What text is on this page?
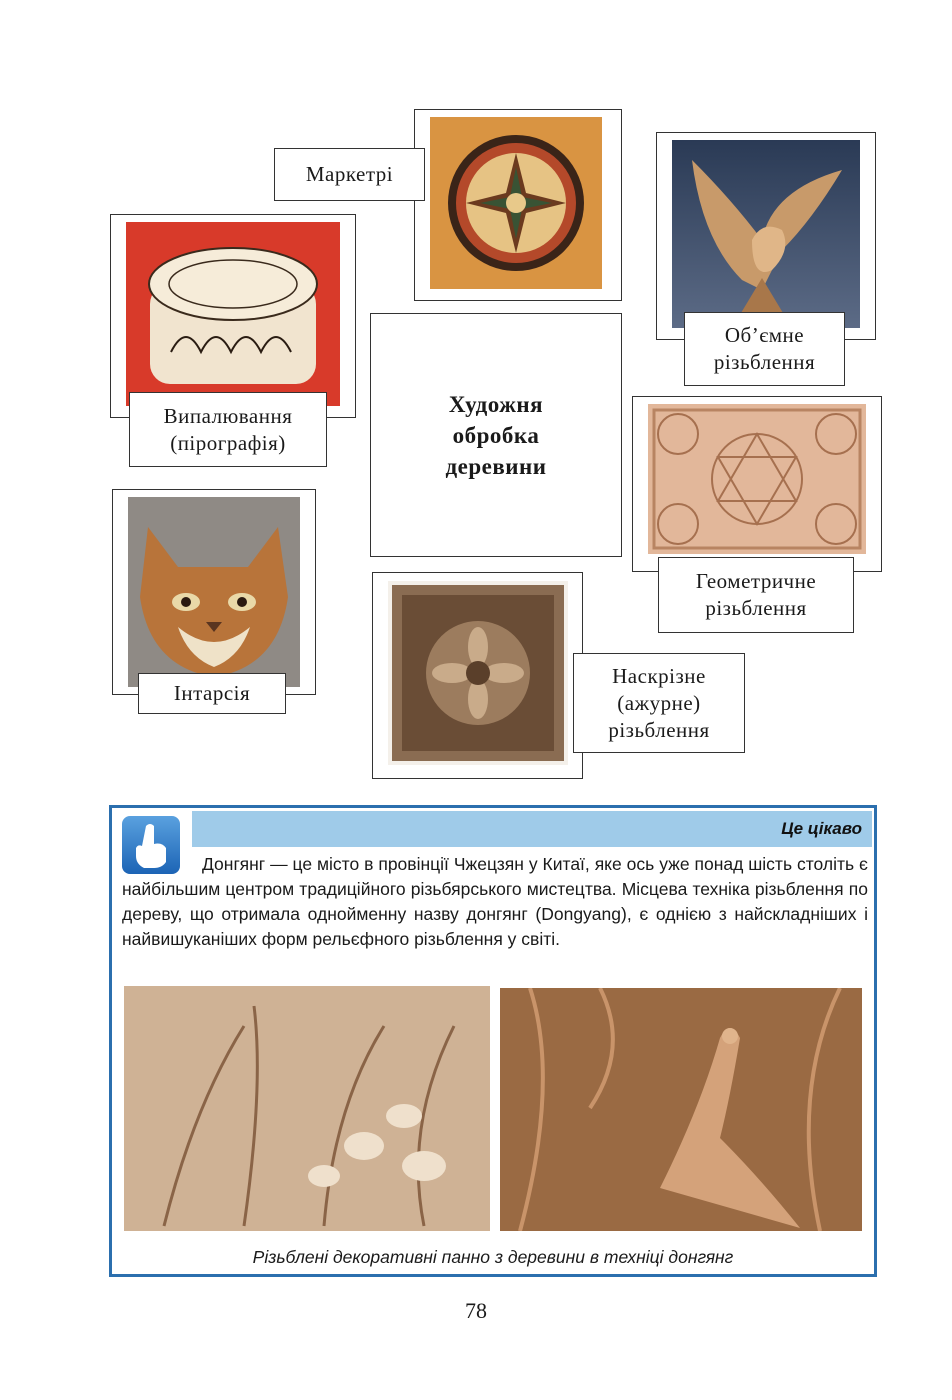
Маркетрі
Випалювання
(пірографія)
Об’ємне
різьблення
Художня
обробка
деревини
Геометричне
різьблення
Інтарсія
Наскрізне
(ажурне)
різьблення
Це цікаво

Донгянг — це місто в провінції Чжецзян у Китаї, яке ось уже понад шість століть є найбільшим центром традиційного різьбярського мистецтва. Місцева техніка різьблення по дереву, що отримала однойменну назву донгянг (Dongyang), є однією з найскладніших і найвишуканіших форм рельєфного різьблення у світі.

Різьблені декоративні панно з деревини в техніці донгянг
78
